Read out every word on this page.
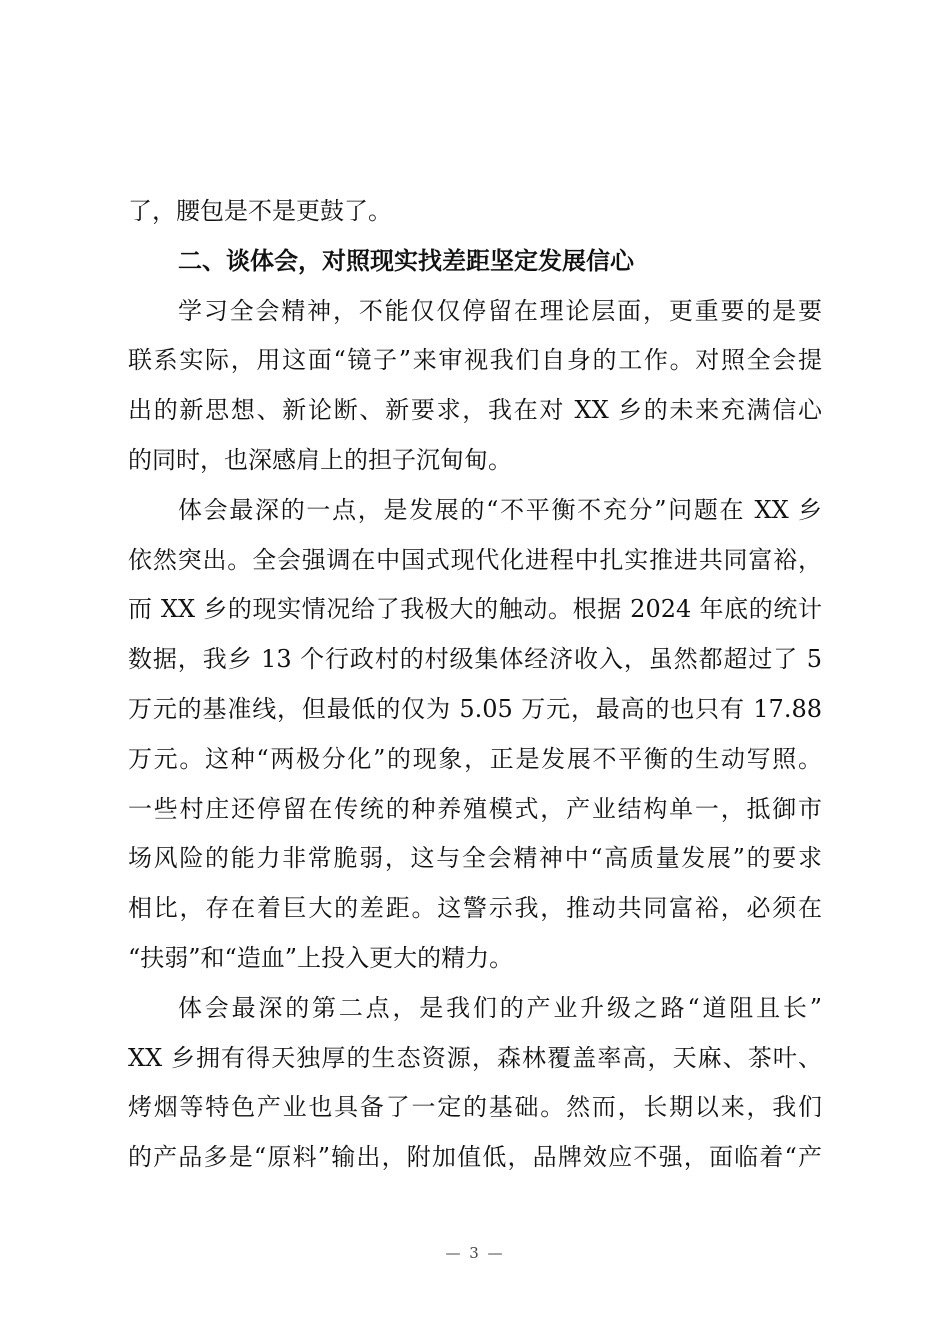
了，腰包是不是更鼓了。
二、谈体会，对照现实找差距坚定发展信心
学习全会精神，不能仅仅停留在理论层面，更重要的是要
联系实际，用这面“镜子”来审视我们自身的工作。对照全会提
出的新思想、新论断、新要求，我在对 XX 乡的未来充满信心
的同时，也深感肩上的担子沉甸甸。
体会最深的一点，是发展的“不平衡不充分”问题在 XX 乡
依然突出。全会强调在中国式现代化进程中扎实推进共同富裕，
而 XX 乡的现实情况给了我极大的触动。根据 2024 年底的统计
数据，我乡 13 个行政村的村级集体经济收入，虽然都超过了 5
万元的基准线，但最低的仅为 5.05 万元，最高的也只有 17.88
万元。这种“两极分化”的现象，正是发展不平衡的生动写照。
一些村庄还停留在传统的种养殖模式，产业结构单一，抵御市
场风险的能力非常脆弱，这与全会精神中“高质量发展”的要求
相比，存在着巨大的差距。这警示我，推动共同富裕，必须在
“扶弱”和“造血”上投入更大的精力。
体会最深的第二点，是我们的产业升级之路“道阻且长”
XX 乡拥有得天独厚的生态资源，森林覆盖率高，天麻、茶叶、
烤烟等特色产业也具备了一定的基础。然而，长期以来，我们
的产品多是“原料”输出，附加值低，品牌效应不强，面临着“产
— 3 —
